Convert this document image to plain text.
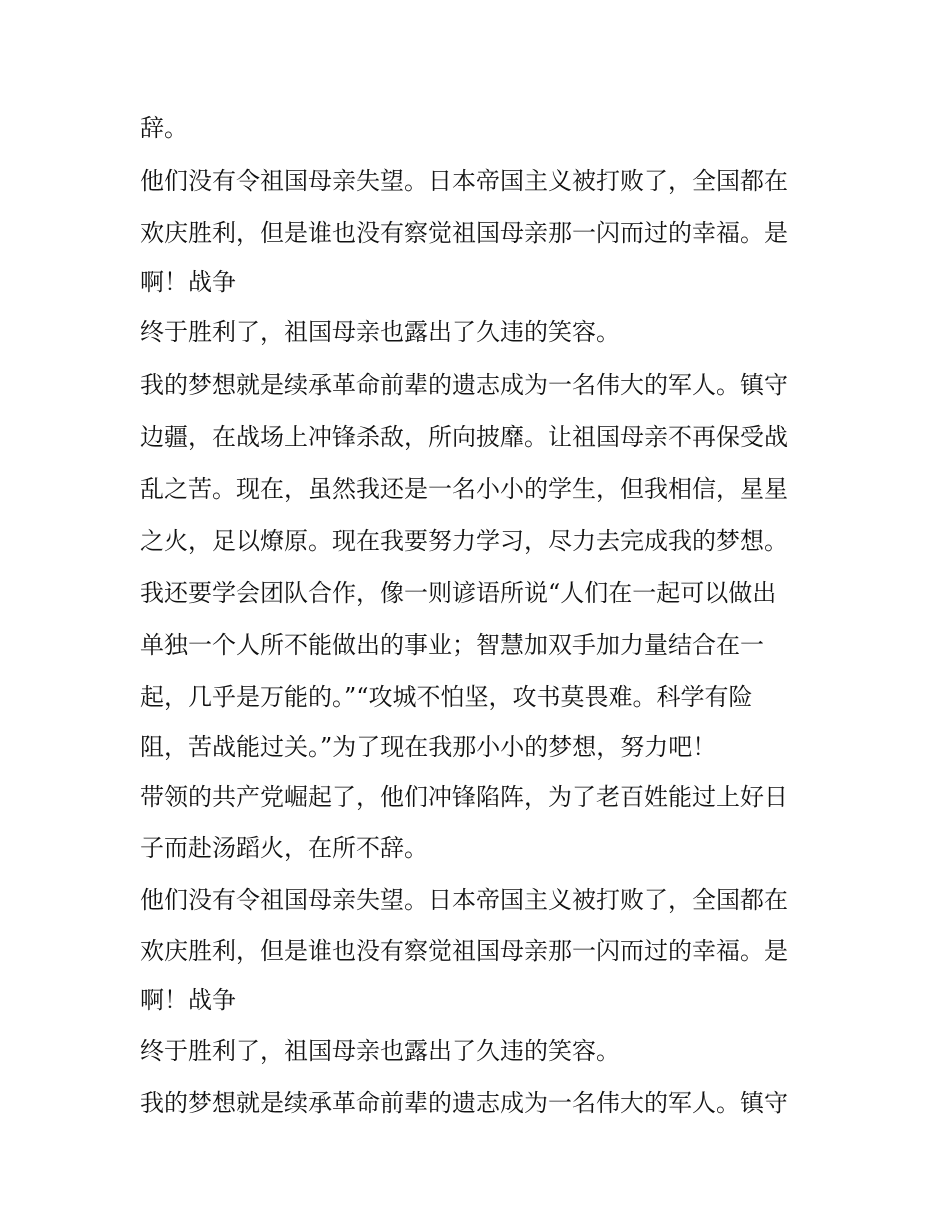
辞。
他们没有令祖国母亲失望。日本帝国主义被打败了，全国都在
欢庆胜利，但是谁也没有察觉祖国母亲那一闪而过的幸福。是
啊！战争
终于胜利了，祖国母亲也露出了久违的笑容。
我的梦想就是续承革命前辈的遗志成为一名伟大的军人。镇守
边疆，在战场上冲锋杀敌，所向披靡。让祖国母亲不再保受战
乱之苦。现在，虽然我还是一名小小的学生，但我相信，星星
之火，足以燎原。现在我要努力学习，尽力去完成我的梦想。
我还要学会团队合作，像一则谚语所说“人们在一起可以做出
单独一个人所不能做出的事业；智慧加双手加力量结合在一
起，几乎是万能的。”“攻城不怕坚，攻书莫畏难。科学有险
阻，苦战能过关。”为了现在我那小小的梦想，努力吧！
带领的共产党崛起了，他们冲锋陷阵，为了老百姓能过上好日
子而赴汤蹈火，在所不辞。
他们没有令祖国母亲失望。日本帝国主义被打败了，全国都在
欢庆胜利，但是谁也没有察觉祖国母亲那一闪而过的幸福。是
啊！战争
终于胜利了，祖国母亲也露出了久违的笑容。
我的梦想就是续承革命前辈的遗志成为一名伟大的军人。镇守
